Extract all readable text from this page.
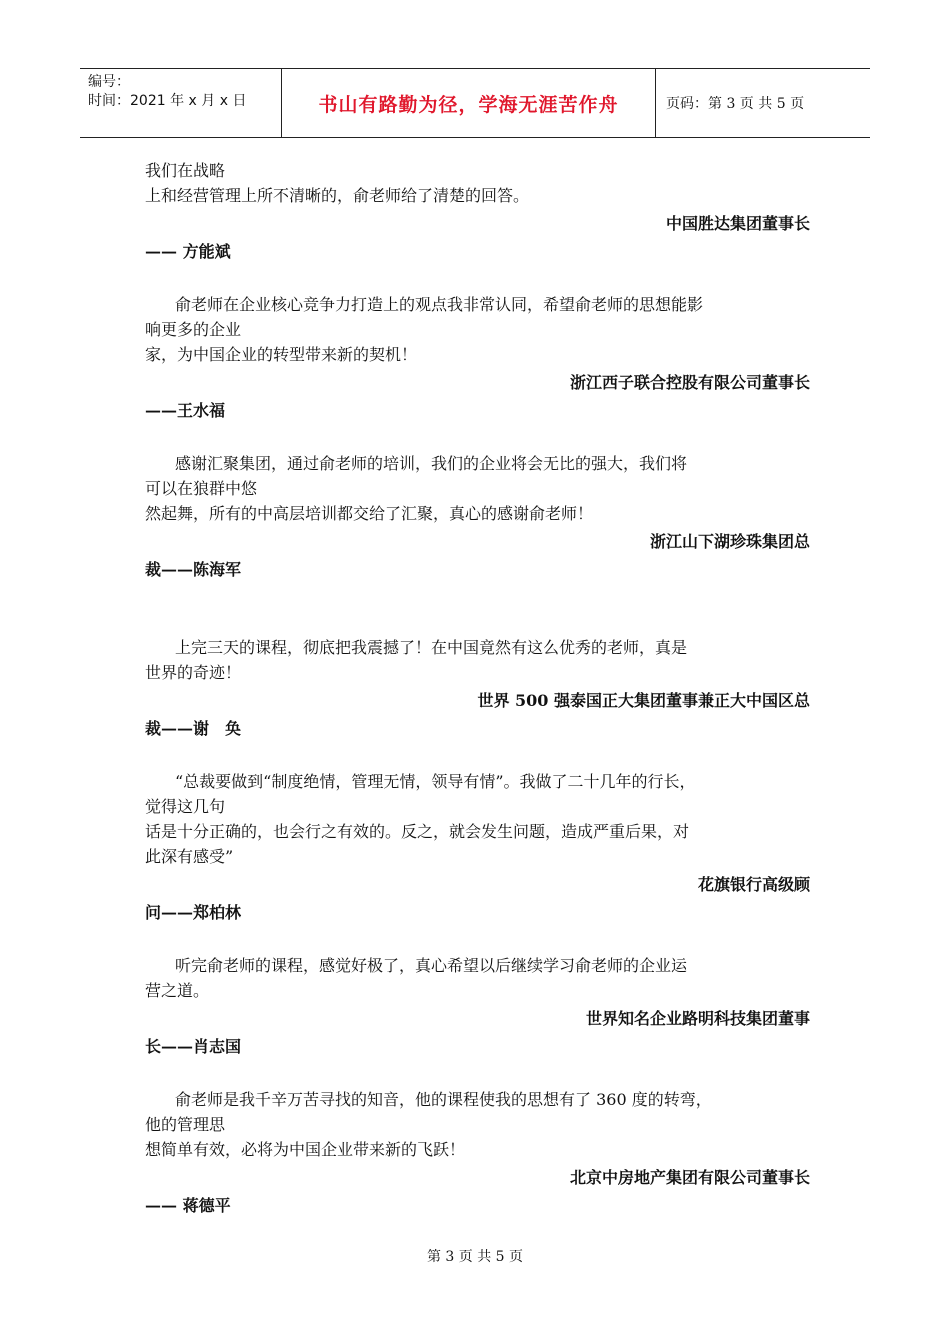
编号：
时间：2021 年 x 月 x 日	书山有路勤为径，学海无涯苦作舟	页码：第 3 页 共 5 页

我们在战略

上和经营管理上所不清晰的，俞老师给了清楚的回答。

中国胜达集团董事长

—— 方能斌

俞老师在企业核心竞争力打造上的观点我非常认同，希望俞老师的思想能影

响更多的企业

家，为中国企业的转型带来新的契机！

浙江西子联合控股有限公司董事长

——王水福

感谢汇聚集团，通过俞老师的培训，我们的企业将会无比的强大，我们将

可以在狼群中悠

然起舞，所有的中高层培训都交给了汇聚，真心的感谢俞老师！

浙江山下湖珍珠集团总

裁——陈海军

上完三天的课程，彻底把我震撼了！在中国竟然有这么优秀的老师，真是

世界的奇迹！

世界 500 强泰国正大集团董事兼正大中国区总

裁——谢　奂

“总裁要做到“制度绝情，管理无情，领导有情”。我做了二十几年的行长，

觉得这几句

话是十分正确的，也会行之有效的。反之，就会发生问题，造成严重后果，对

此深有感受”

花旗银行高级顾

问——郑柏林

听完俞老师的课程，感觉好极了，真心希望以后继续学习俞老师的企业运

营之道。

世界知名企业路明科技集团董事

长——肖志国

俞老师是我千辛万苦寻找的知音，他的课程使我的思想有了 360 度的转弯，

他的管理思

想简单有效，必将为中国企业带来新的飞跃！

北京中房地产集团有限公司董事长

—— 蒋德平

第 3 页 共 5 页
